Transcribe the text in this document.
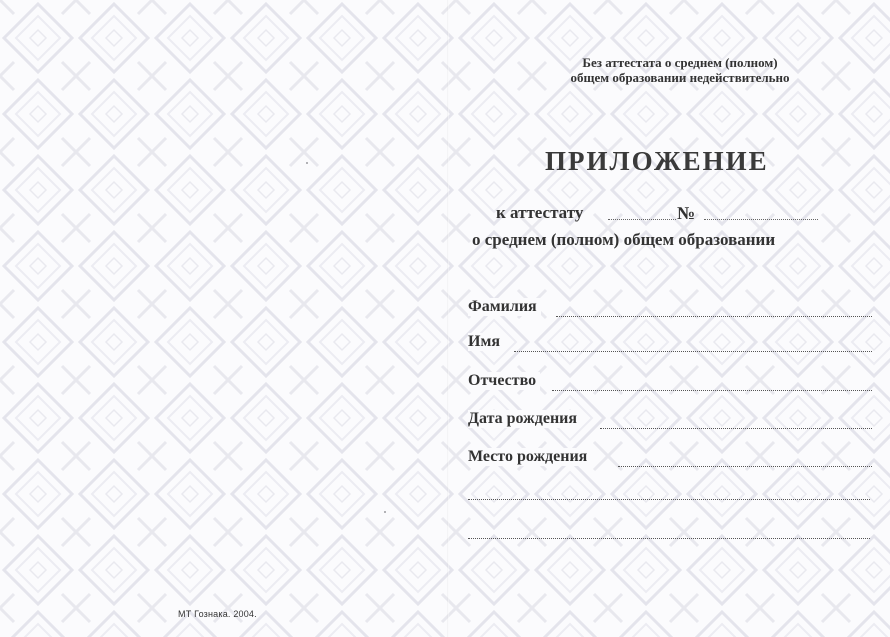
Без аттестата о среднем (полном)
общем образовании недействительно
ПРИЛОЖЕНИЕ
к аттестату	№
о среднем (полном) общем образовании
Фамилия
Имя
Отчество
Дата рождения
Место рождения
МТ Гознака. 2004.
